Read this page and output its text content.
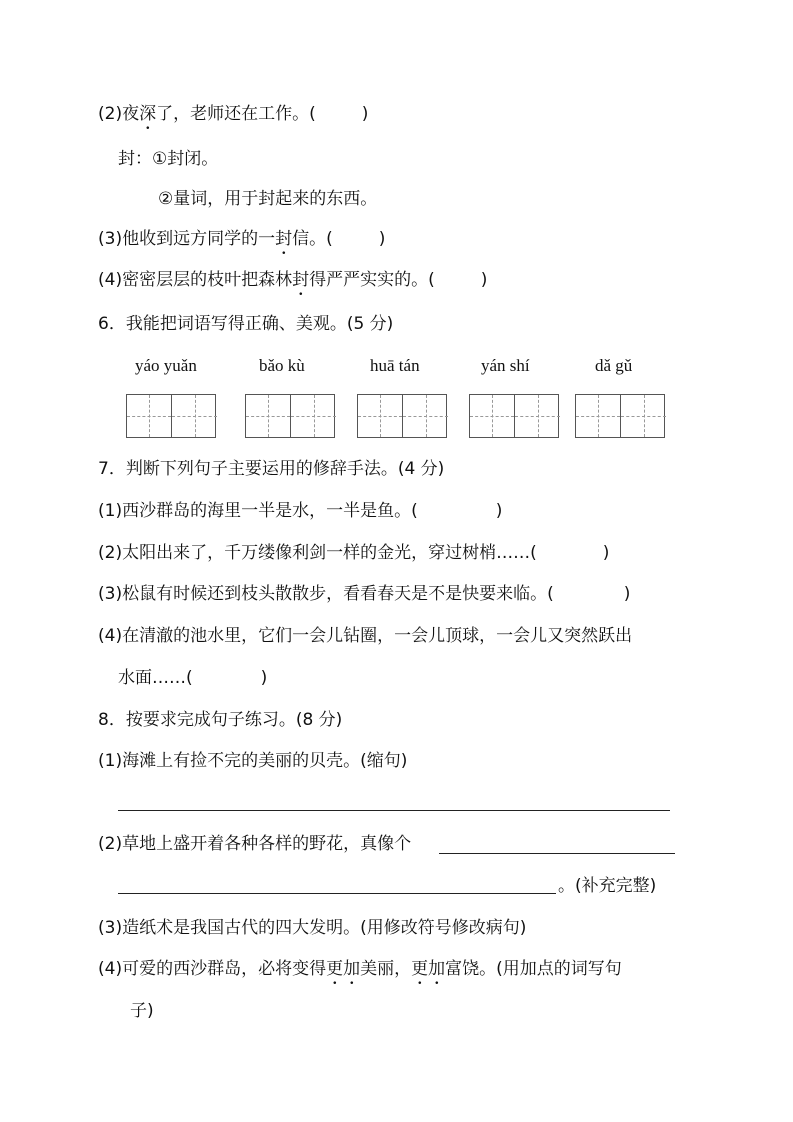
(2)夜深了，老师还在工作。(	)
封：①封闭。
②量词，用于封起来的东西。
(3)他收到远方同学的一封信。(	)
(4)密密层层的枝叶把森林封得严严实实的。(	)
6．我能把词语写得正确、美观。(5 分)
yáo yuǎn	bǎo kù	huā tán	yán shí	dǎ gǔ
7．判断下列句子主要运用的修辞手法。(4 分)
(1)西沙群岛的海里一半是水，一半是鱼。(	)
(2)太阳出来了，千万缕像利剑一样的金光，穿过树梢……(	)
(3)松鼠有时候还到枝头散散步，看看春天是不是快要来临。(	)
(4)在清澈的池水里，它们一会儿钻圈，一会儿顶球，一会儿又突然跃出
水面……(	)
8．按要求完成句子练习。(8 分)
(1)海滩上有捡不完的美丽的贝壳。(缩句)
(2)草地上盛开着各种各样的野花，真像个
。(补充完整)
(3)造纸术是我国古代的四大发明。(用修改符号修改病句)
(4)可爱的西沙群岛，必将变得更加美丽，更加富饶。(用加点的词写句
子)
